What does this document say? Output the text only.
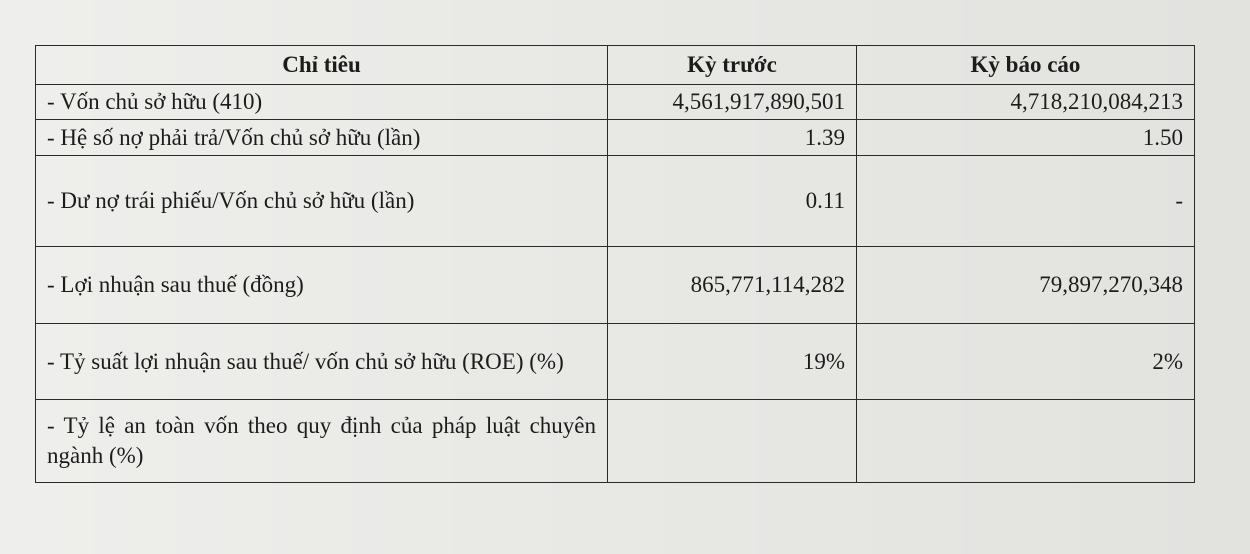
Chỉ tiêu	Kỳ trước	Kỳ báo cáo
- Vốn chủ sở hữu (410)	4,561,917,890,501	4,718,210,084,213
- Hệ số nợ phải trả/Vốn chủ sở hữu (lần)	1.39	1.50
- Dư nợ trái phiếu/Vốn chủ sở hữu (lần)	0.11	-
- Lợi nhuận sau thuế (đồng)	865,771,114,282	79,897,270,348
- Tỷ suất lợi nhuận sau thuế/ vốn chủ sở hữu (ROE) (%)	19%	2%
- Tỷ lệ an toàn vốn theo quy định của pháp luật chuyên ngành (%)		
